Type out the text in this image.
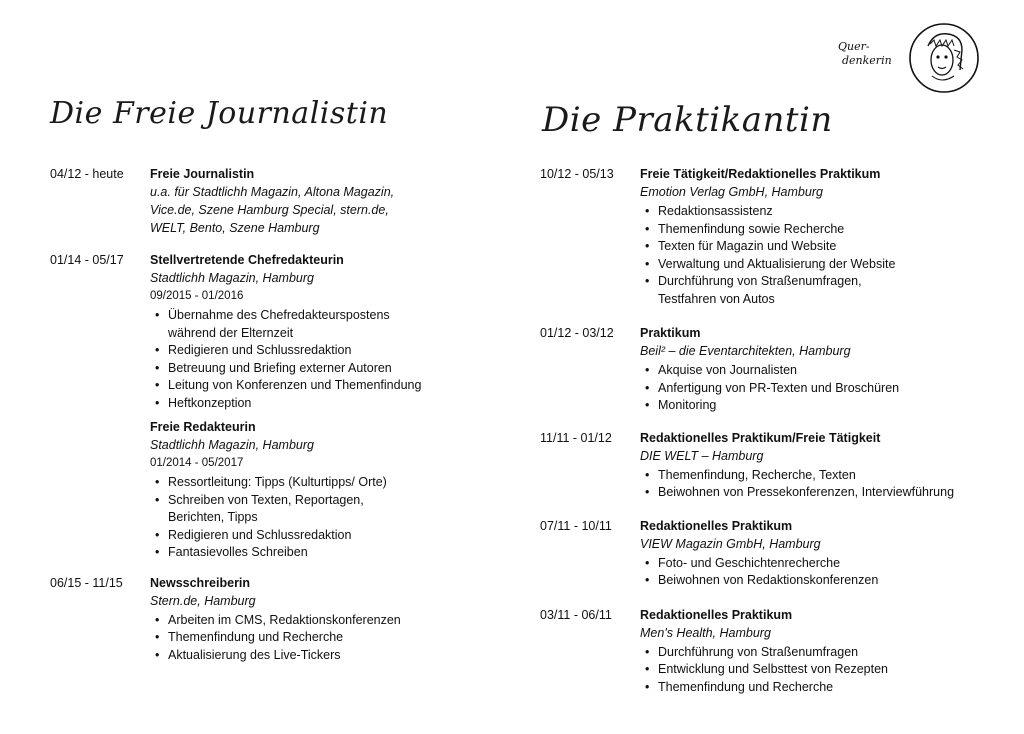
Quer-
denkerin
Die Freie Journalistin
04/12 - heute	Freie Journalistin
u.a. für Stadtlichh Magazin, Altona Magazin, Vice.de, Szene Hamburg Special, stern.de, WELT, Bento, Szene Hamburg
01/14 - 05/17	Stellvertretende Chefredakteurin
Stadtlichh Magazin, Hamburg
09/2015 - 01/2016
• Übernahme des Chefredakteurspostens während der Elternzeit
• Redigieren und Schlussredaktion
• Betreuung und Briefing externer Autoren
• Leitung von Konferenzen und Themenfindung
• Heftkonzeption
Freie Redakteurin
Stadtlichh Magazin, Hamburg
01/2014 - 05/2017
• Ressortleitung: Tipps (Kulturtipps/ Orte)
• Schreiben von Texten, Reportagen, Berichten, Tipps
• Redigieren und Schlussredaktion
• Fantasievolles Schreiben
06/15 - 11/15	Newsschreiberin
Stern.de, Hamburg
• Arbeiten im CMS, Redaktionskonferenzen
• Themenfindung und Recherche
• Aktualisierung des Live-Tickers
Die Praktikantin
10/12 - 05/13	Freie Tätigkeit/Redaktionelles Praktikum
Emotion Verlag GmbH, Hamburg
• Redaktionsassistenz
• Themenfindung sowie Recherche
• Texten für Magazin und Website
• Verwaltung und Aktualisierung der Website
• Durchführung von Straßenumfragen, Testfahren von Autos
01/12 - 03/12	Praktikum
Beil² – die Eventarchitekten, Hamburg
• Akquise von Journalisten
• Anfertigung von PR-Texten und Broschüren
• Monitoring
11/11 - 01/12	Redaktionelles Praktikum/Freie Tätigkeit
DIE WELT – Hamburg
• Themenfindung, Recherche, Texten
• Beiwohnen von Pressekonferenzen, Interviewführung
07/11 - 10/11	Redaktionelles Praktikum
VIEW Magazin GmbH, Hamburg
• Foto- und Geschichtenrecherche
• Beiwohnen von Redaktionskonferenzen
03/11 - 06/11	Redaktionelles Praktikum
Men's Health, Hamburg
• Durchführung von Straßenumfragen
• Entwicklung und Selbsttest von Rezepten
• Themenfindung und Recherche
